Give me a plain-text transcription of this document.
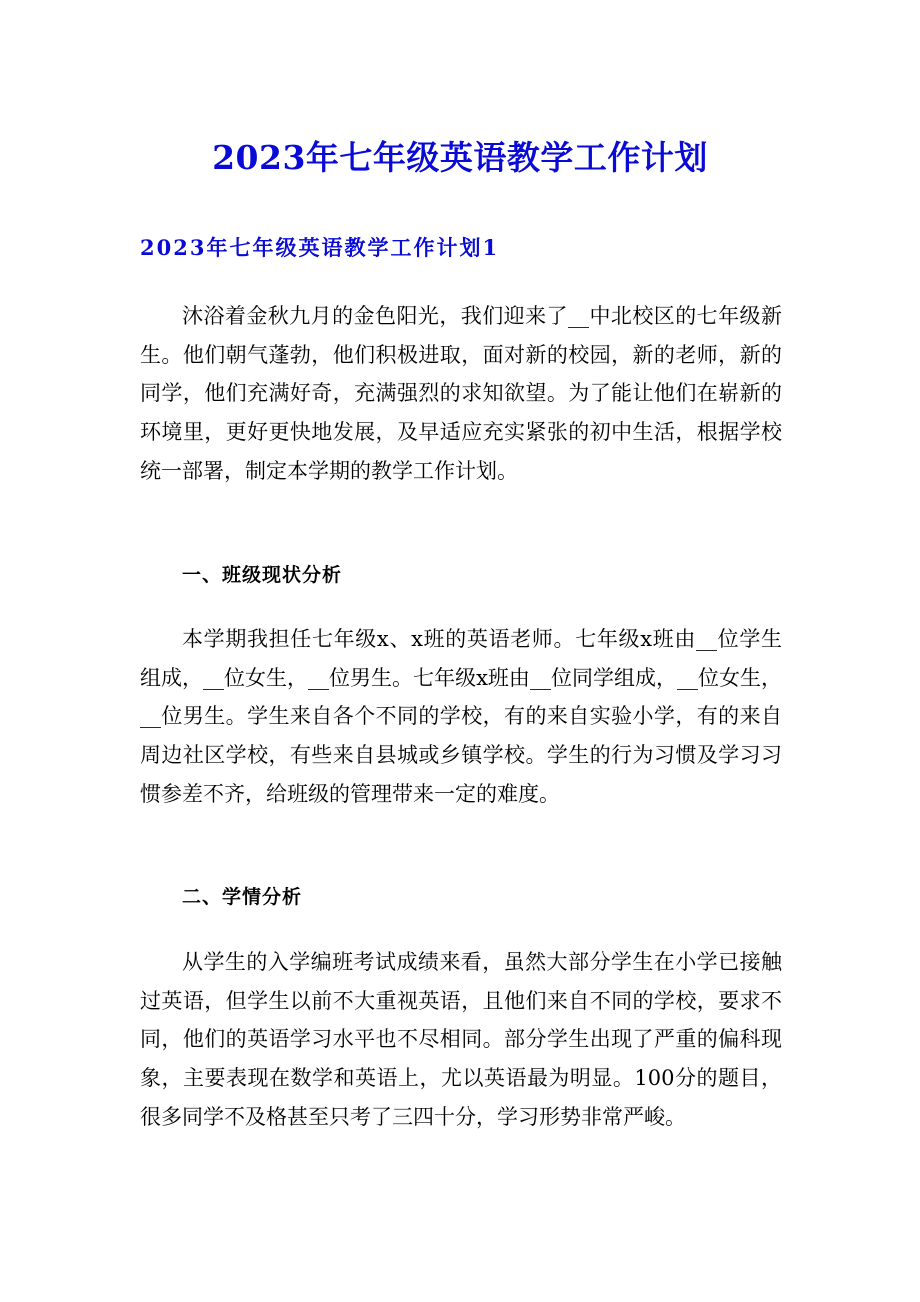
2023年七年级英语教学工作计划
2023年七年级英语教学工作计划1

沐浴着金秋九月的金色阳光，我们迎来了__中北校区的七年级新生。他们朝气蓬勃，他们积极进取，面对新的校园，新的老师，新的同学，他们充满好奇，充满强烈的求知欲望。为了能让他们在崭新的环境里，更好更快地发展，及早适应充实紧张的初中生活，根据学校统一部署，制定本学期的教学工作计划。

一、班级现状分析

本学期我担任七年级x、x班的英语老师。七年级x班由__位学生组成，__位女生，__位男生。七年级x班由__位同学组成，__位女生，__位男生。学生来自各个不同的学校，有的来自实验小学，有的来自周边社区学校，有些来自县城或乡镇学校。学生的行为习惯及学习习惯参差不齐，给班级的管理带来一定的难度。

二、学情分析

从学生的入学编班考试成绩来看，虽然大部分学生在小学已接触过英语，但学生以前不大重视英语，且他们来自不同的学校，要求不同，他们的英语学习水平也不尽相同。部分学生出现了严重的偏科现象，主要表现在数学和英语上，尤以英语最为明显。100分的题目，很多同学不及格甚至只考了三四十分，学习形势非常严峻。
